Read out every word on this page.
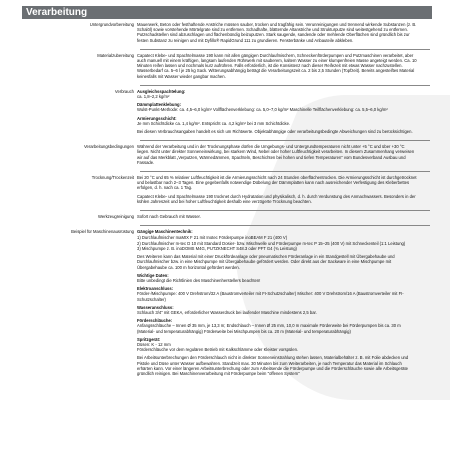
Verarbeitung
Untergrundvorbereitung Mauerwerk, Beton oder festhaftende Anstriche müssen sauber, trocken und tragfähig sein. Verunreinigungen und trennend wirkende Substanzen (z. B. Schalöl) sowie vorstehende Mörtelgrate sind zu entfernen. Schadhafte, blätternde Altanstriche und Strukturputze sind weitestgehend zu entfernen. Putzschadstellen sind abzuschlagen und flächenbündig beizuputzen. Stark saugende, sandende oder mehlende Oberflächen sind gründlich bis zur festen Substanz zu reinigen und mit Dyfillo® RapidGrund 111 zu grundieren. Fensterbänke und Anbauteile abkleben.

Materialzubereitung Capatect Klebe- und Spachtelmasse 190 kann mit allen gängigen Durchlaufmischern, Schneckenförderpumpen und Putzmaschinen verarbeitet, aber auch manuell mit einem kräftigen, langsam laufenden Rührwerk mit sauberem, kaltem Wasser zu einer klumpenfreien Masse angeteigt werden. Ca. 10 Minuten reifen lassen und nochmals kurz aufrühren. Falls erforderlich, ist die Konsistenz nach dieser Reifezeit mit etwas Wasser nachzustellen. Wasserbedarf ca. 5–6 l je 25 kg Sack. Witterungsabhängig beträgt die Verarbeitungszeit ca. 2 bis 2,5 Stunden (Topfzeit). Bereits angesteiftes Material keinesfalls mit Wasser wieder gangbar machen.

Verbrauch Ausgleichsspachtelung:

ca. 1,8–2,2 kg/m²

Dämmplattenklebung:

Wulst-Punkt-Methode: ca. 4,5–6,0 kg/m² Vollflächenverklebung: ca. 5,0–7,0 kg/m² Maschinelle Teilflächenverklebung: ca. 5,5–6,0 kg/m²

Armierungsschicht:

Je mm Schichtdicke ca. 1,4 kg/m². Entspricht ca. 4,2 kg/m² bei 3 mm Schichtdicke.

Bei diesen Verbrauchsangaben handelt es sich um Richtwerte. Objektabhängige oder verarbeitungsbedingte Abweichungen sind zu berücksichtigen.

Verarbeitungsbedingungen Während der Verarbeitung und in der Trocknungsphase dürfen die Umgebungs- und Untergrundtemperaturen nicht unter +5 °C und über +30 °C liegen. Nicht unter direkter Sonneneinwirkung, bei starkem Wind, Nebel oder hoher Luftfeuchtigkeit verarbeiten. In diesem Zusammenhang verweisen wir auf das Merkblatt „Verputzen, Wärmedämmen, Spachteln, Beschichten bei hohen und tiefen Temperaturen“ vom Bundesverband Ausbau und Fassade.

Trocknung/Trockenzeit Bei 20 °C und 65 % relativer Luftfeuchtigkeit ist die Armierungsschicht nach 24 Stunden oberflächentrocken. Die Armierungsschicht ist durchgetrocknet und belastbar nach 2–3 Tagen. Eine gegebenfalls notwendige Dübelung der Dämmplatten kann nach ausreichender Verfestigung des Kleberbettes erfolgen, d. h. nach ca. 1 Tag.

Capatect Klebe- und Spachtelmasse 190 trocknet durch Hydratation und physikalisch, d. h. durch Verdunstung des Anmachwassers. Besonders in der kühlen Jahreszeit und bei hoher Luftfeuchtigkeit deshalb eine verzögerte Trocknung beachten.

Werkzeugreinigung Sofort nach Gebrauch mit Wasser.

Beispiel für Maschinenausrüstung Gängige Maschinentechnik:

1) Durchlaufmischer maMIX F 21 mit Inotec Förderpumpe inoBEAM F 21 (400 V)

2) Durchlaufmischer m-tec D 10 mit Standard Dosier- bzw. Mischwelle und Förderpumpe m-tec P 15–25 (400 V) mit Schneckenteil (1:1 Leistung)

3) Mischpumpe z. B. inoDOMS M4G, PUTZKNECHT S48.3 oder PFT G4 (¾ Leistung)

Des Weiteren kann das Material mit einer Druckfördeanlage oder pneumatischen Förderanlage in ein Standgestell mit Übergabehaube und Durchlaufmischer bzw. in eine Mischpumpe mit Übergabehaube gefördert werden. Oder direkt aus der Sackware in eine Mischpumpe mit Übergabehaube ca. 100 m horizontal gefördert werden.

Wichtige Daten:

Bitte unbedingt die Richtlinien des Maschinenherstellers beachten!

Elektroanschluss:

Förder-/Mischpumpe: 400 V Drehstrom/32 A (Baustromverteiler mit FI-Schutzschalter) Mischer: 400 V Drehstrom/16 A (Baustromverteiler mit FI-Schutzschalter)

Wasseranschluss:

Schlauch 3/4" mit GEKA, erforderlicher Wasserdruck bei laufender Maschine mindestens 2,5 bar.

Förderschläuche:

Anfangsschläuche – Innen Ø 35 mm, je 13,3 m; Endschlauch – Innen Ø 25 mm, 10,0 m maximale Förderweite bei Förderpumpen bis ca. 30 m (Material- und temperaturabhängig) Förderweite bei Mischpumpen bis ca. 20 m (Material- und temperaturabhängig)

Spritzgerät:

Düsen: K - 12 mm

Förderschläuche vor dem regulären Betrieb mit Kalkschlämme oder Kleister vorspülen.

Bei Arbeitsunterbrechungen den Förderschlauch nicht in direkter Sonneneinstrahlung stehen lassen, Materialbehälter z. B. mit Folie abdecken und Pistole und Düse unter Wasser aufbewahren. Standzeit max. 30 Minuten bis zum Weiterarbeiten, je nach Temperatur das Material im Schlauch erhärten kann. Vor einer längeren Arbeitsunterbrechung oder zum Arbeitsende die Förderpumpe und die Förderschläuche sowie alle Arbeitsgeräte gründlich reinigen. Bei Maschinenverarbeitung mit Förderpumpe beim "offenen System"
